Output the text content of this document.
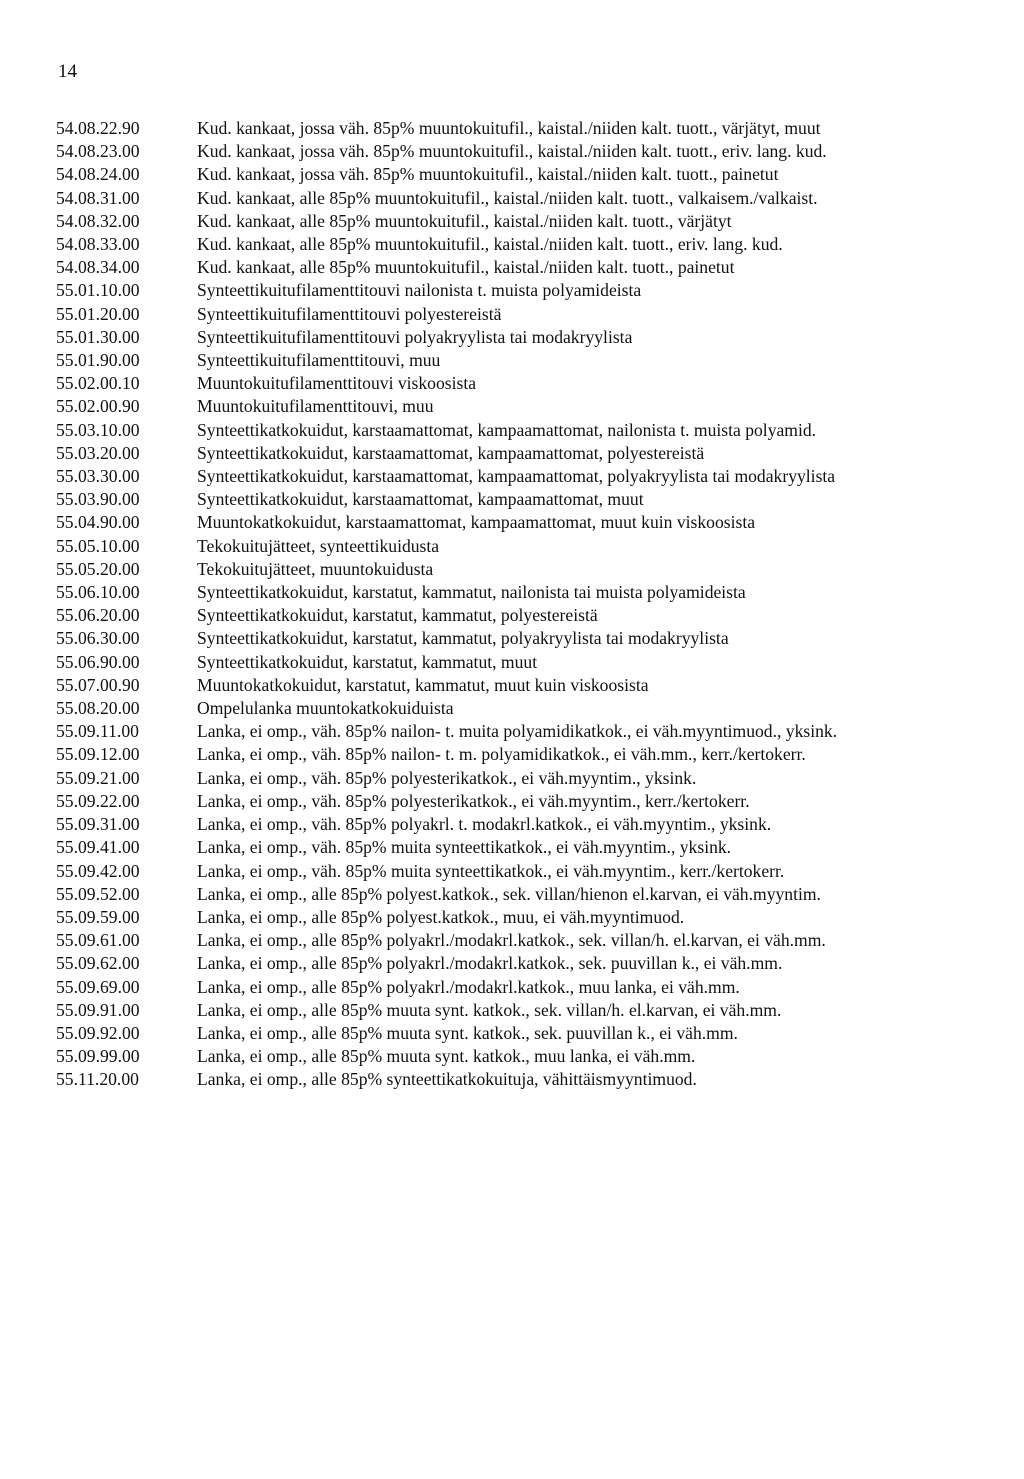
14
54.08.22.90	Kud. kankaat, jossa väh. 85p% muuntokuitufil., kaistal./niiden kalt. tuott., värjätyt, muut
54.08.23.00	Kud. kankaat, jossa väh. 85p% muuntokuitufil., kaistal./niiden kalt. tuott., eriv. lang. kud.
54.08.24.00	Kud. kankaat, jossa väh. 85p% muuntokuitufil., kaistal./niiden kalt. tuott., painetut
54.08.31.00	Kud. kankaat, alle 85p% muuntokuitufil., kaistal./niiden kalt. tuott., valkaisem./valkaist.
54.08.32.00	Kud. kankaat, alle 85p% muuntokuitufil., kaistal./niiden kalt. tuott., värjätyt
54.08.33.00	Kud. kankaat, alle 85p% muuntokuitufil., kaistal./niiden kalt. tuott., eriv. lang. kud.
54.08.34.00	Kud. kankaat, alle 85p% muuntokuitufil., kaistal./niiden kalt. tuott., painetut
55.01.10.00	Synteettikuitufilamenttitouvi nailonista t. muista polyamideista
55.01.20.00	Synteettikuitufilamenttitouvi polyestereistä
55.01.30.00	Synteettikuitufilamenttitouvi polyakryylista tai modakryylista
55.01.90.00	Synteettikuitufilamenttitouvi, muu
55.02.00.10	Muuntokuitufilamenttitouvi viskoosista
55.02.00.90	Muuntokuitufilamenttitouvi, muu
55.03.10.00	Synteettikatkokuidut, karstaamattomat, kampaamattomat, nailonista t. muista polyamid.
55.03.20.00	Synteettikatkokuidut, karstaamattomat, kampaamattomat, polyestereistä
55.03.30.00	Synteettikatkokuidut, karstaamattomat, kampaamattomat, polyakryylista tai modakryylista
55.03.90.00	Synteettikatkokuidut, karstaamattomat, kampaamattomat, muut
55.04.90.00	Muuntokatkokuidut, karstaamattomat, kampaamattomat, muut kuin viskoosista
55.05.10.00	Tekokuitujätteet, synteettikuidusta
55.05.20.00	Tekokuitujätteet, muuntokuidusta
55.06.10.00	Synteettikatkokuidut, karstatut, kammatut, nailonista tai muista polyamideista
55.06.20.00	Synteettikatkokuidut, karstatut, kammatut, polyestereistä
55.06.30.00	Synteettikatkokuidut, karstatut, kammatut, polyakryylista tai modakryylista
55.06.90.00	Synteettikatkokuidut, karstatut, kammatut, muut
55.07.00.90	Muuntokatkokuidut, karstatut, kammatut, muut kuin viskoosista
55.08.20.00	Ompelulanka muuntokatkokuiduista
55.09.11.00	Lanka, ei omp., väh. 85p% nailon- t. muita polyamidikatkok., ei väh.myyntimuod., yksink.
55.09.12.00	Lanka, ei omp., väh. 85p% nailon- t. m. polyamidikatkok., ei väh.mm., kerr./kertokerr.
55.09.21.00	Lanka, ei omp., väh. 85p% polyesterikatkok., ei väh.myyntim., yksink.
55.09.22.00	Lanka, ei omp., väh. 85p% polyesterikatkok., ei väh.myyntim., kerr./kertokerr.
55.09.31.00	Lanka, ei omp., väh. 85p% polyakrl. t. modakrl.katkok., ei väh.myyntim., yksink.
55.09.41.00	Lanka, ei omp., väh. 85p% muita synteettikatkok., ei väh.myyntim., yksink.
55.09.42.00	Lanka, ei omp., väh. 85p% muita synteettikatkok., ei väh.myyntim., kerr./kertokerr.
55.09.52.00	Lanka, ei omp., alle 85p% polyest.katkok., sek. villan/hienon el.karvan, ei väh.myyntim.
55.09.59.00	Lanka, ei omp., alle 85p% polyest.katkok., muu, ei väh.myyntimuod.
55.09.61.00	Lanka, ei omp., alle 85p% polyakrl./modakrl.katkok., sek. villan/h. el.karvan, ei väh.mm.
55.09.62.00	Lanka, ei omp., alle 85p% polyakrl./modakrl.katkok., sek. puuvillan k., ei väh.mm.
55.09.69.00	Lanka, ei omp., alle 85p% polyakrl./modakrl.katkok., muu lanka, ei väh.mm.
55.09.91.00	Lanka, ei omp., alle 85p% muuta synt. katkok., sek. villan/h. el.karvan, ei väh.mm.
55.09.92.00	Lanka, ei omp., alle 85p% muuta synt. katkok., sek. puuvillan k., ei väh.mm.
55.09.99.00	Lanka, ei omp., alle 85p% muuta synt. katkok., muu lanka, ei väh.mm.
55.11.20.00	Lanka, ei omp., alle 85p% synteettikatkokuituja, vähittäismyyntimuod.
